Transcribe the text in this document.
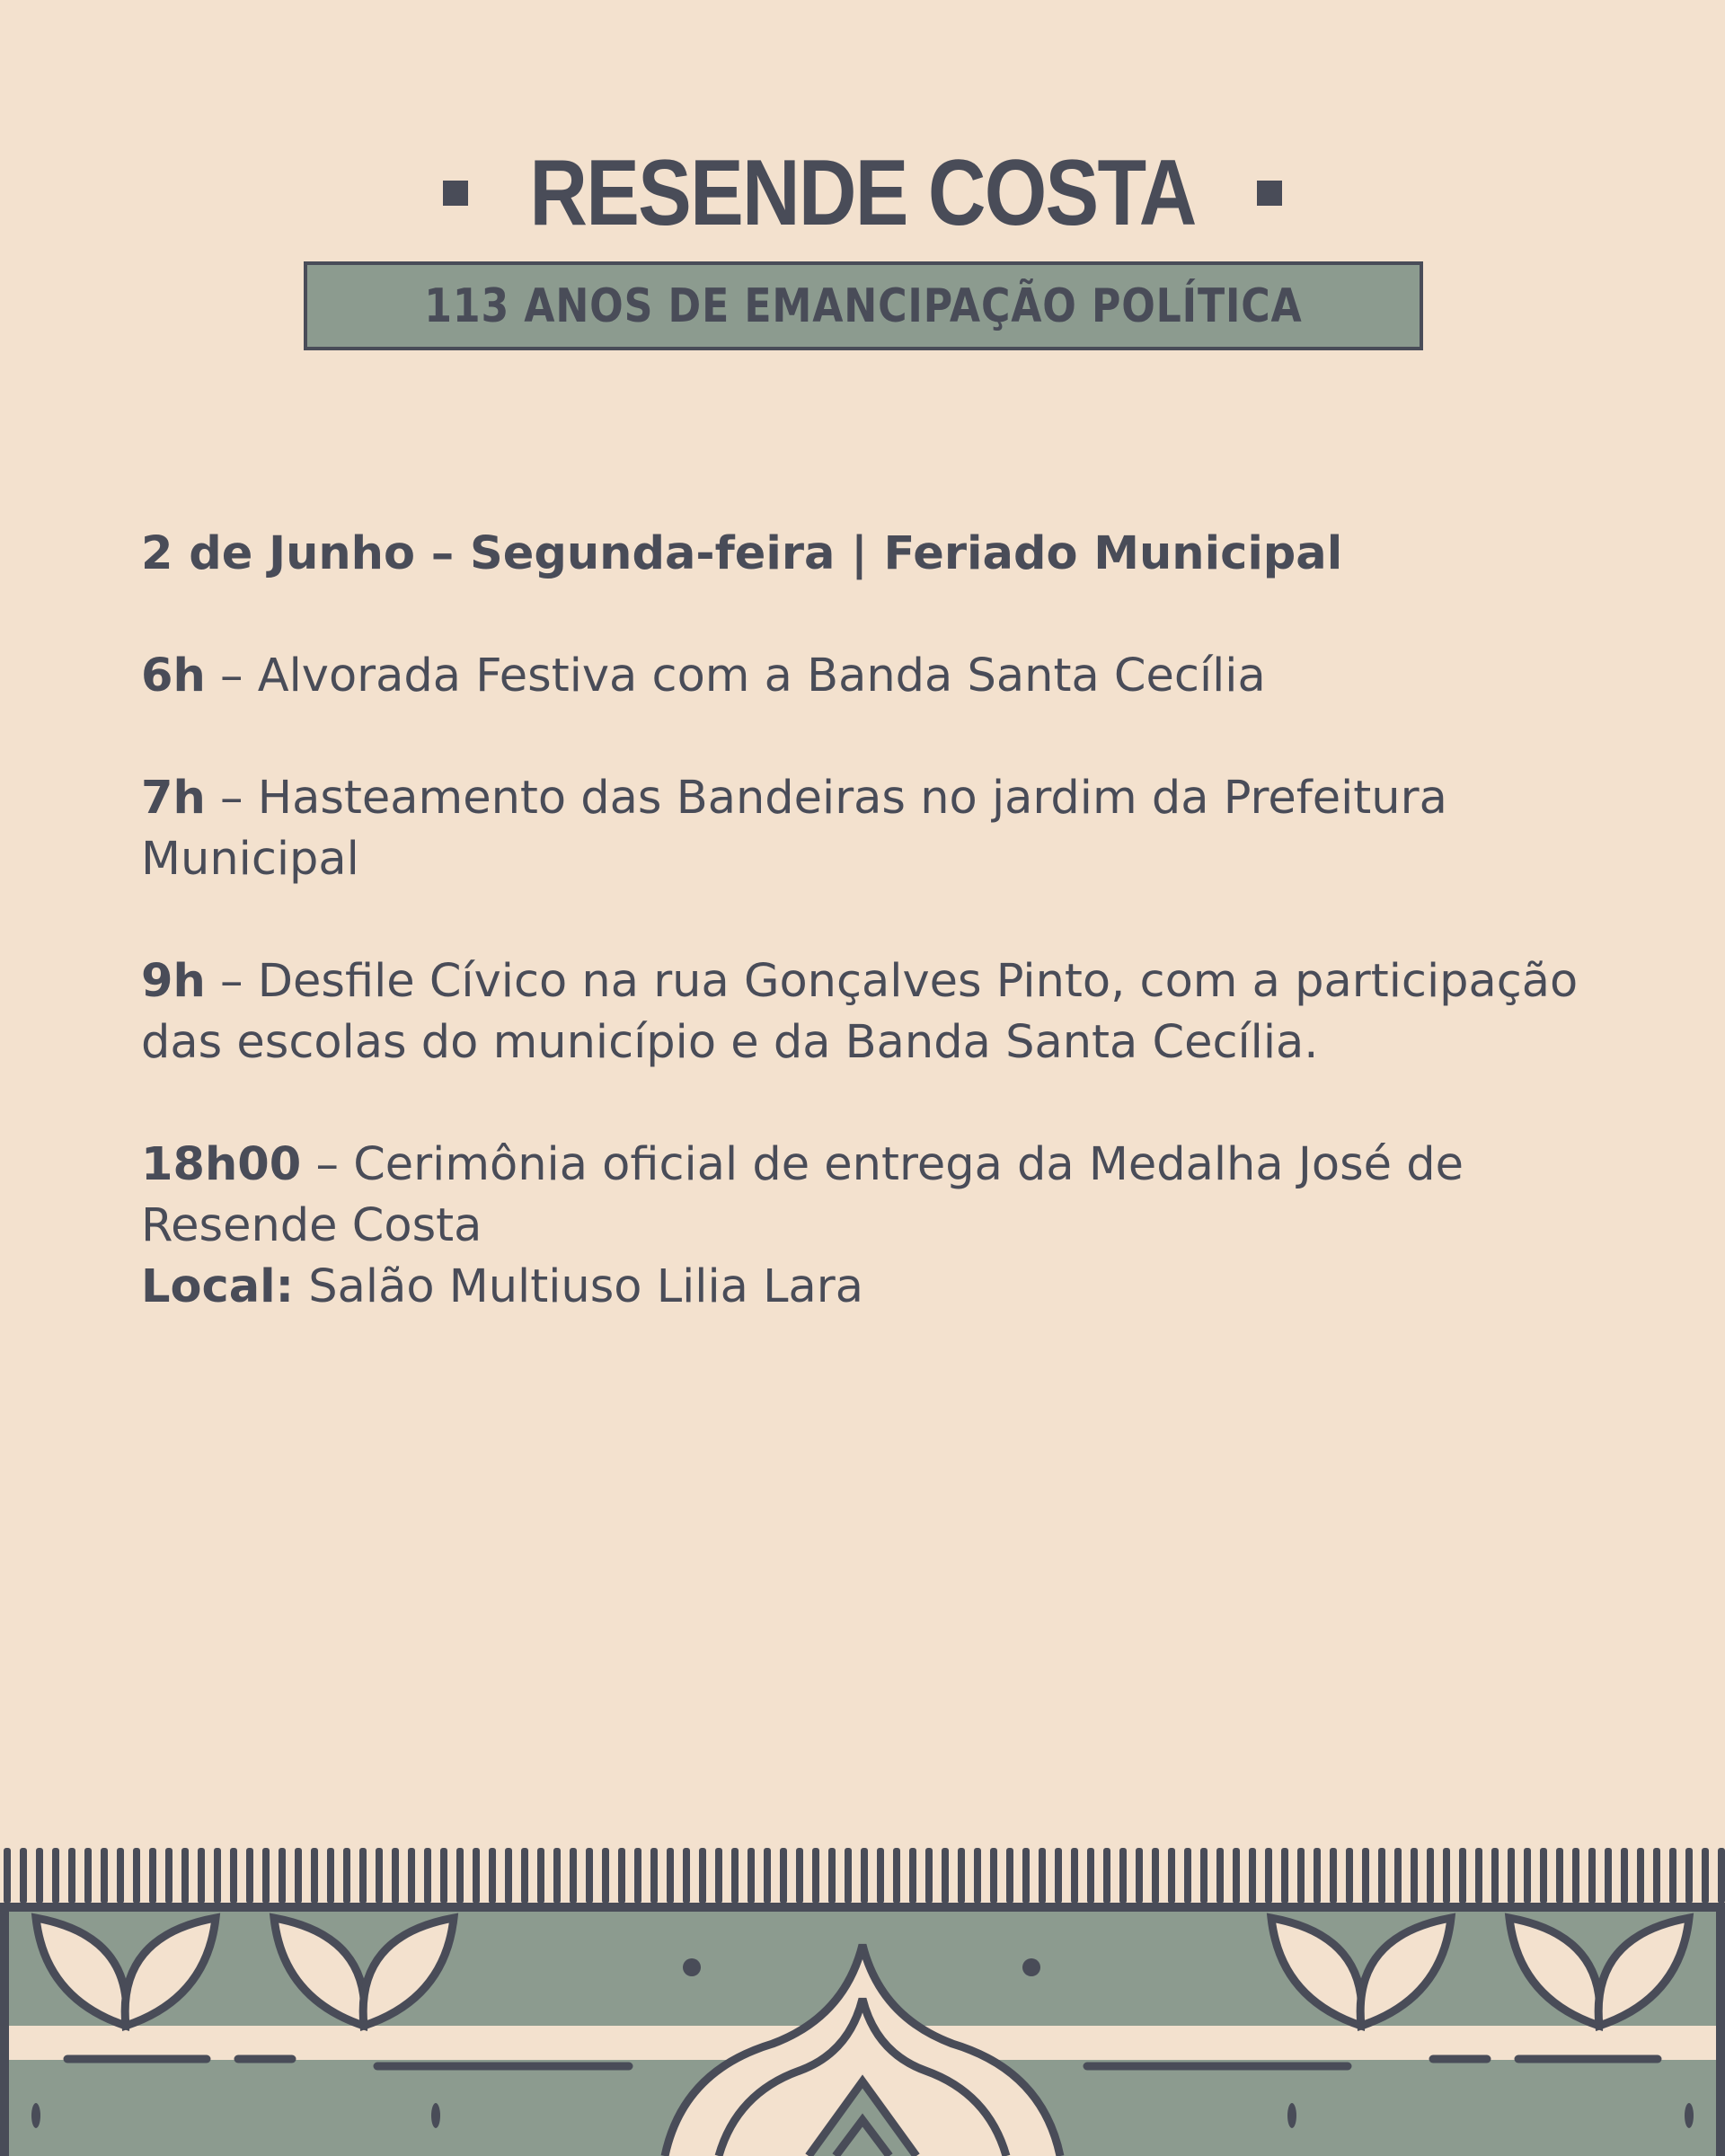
RESENDE COSTA
113 ANOS DE EMANCIPAÇÃO POLÍTICA

2 de Junho – Segunda-feira | Feriado Municipal

6h – Alvorada Festiva com a Banda Santa Cecília

7h – Hasteamento das Bandeiras no jardim da Prefeitura Municipal

9h – Desfile Cívico na rua Gonçalves Pinto, com a participação das escolas do município e da Banda Santa Cecília.

18h00 – Cerimônia oficial de entrega da Medalha José de Resende Costa
Local: Salão Multiuso Lilia Lara
